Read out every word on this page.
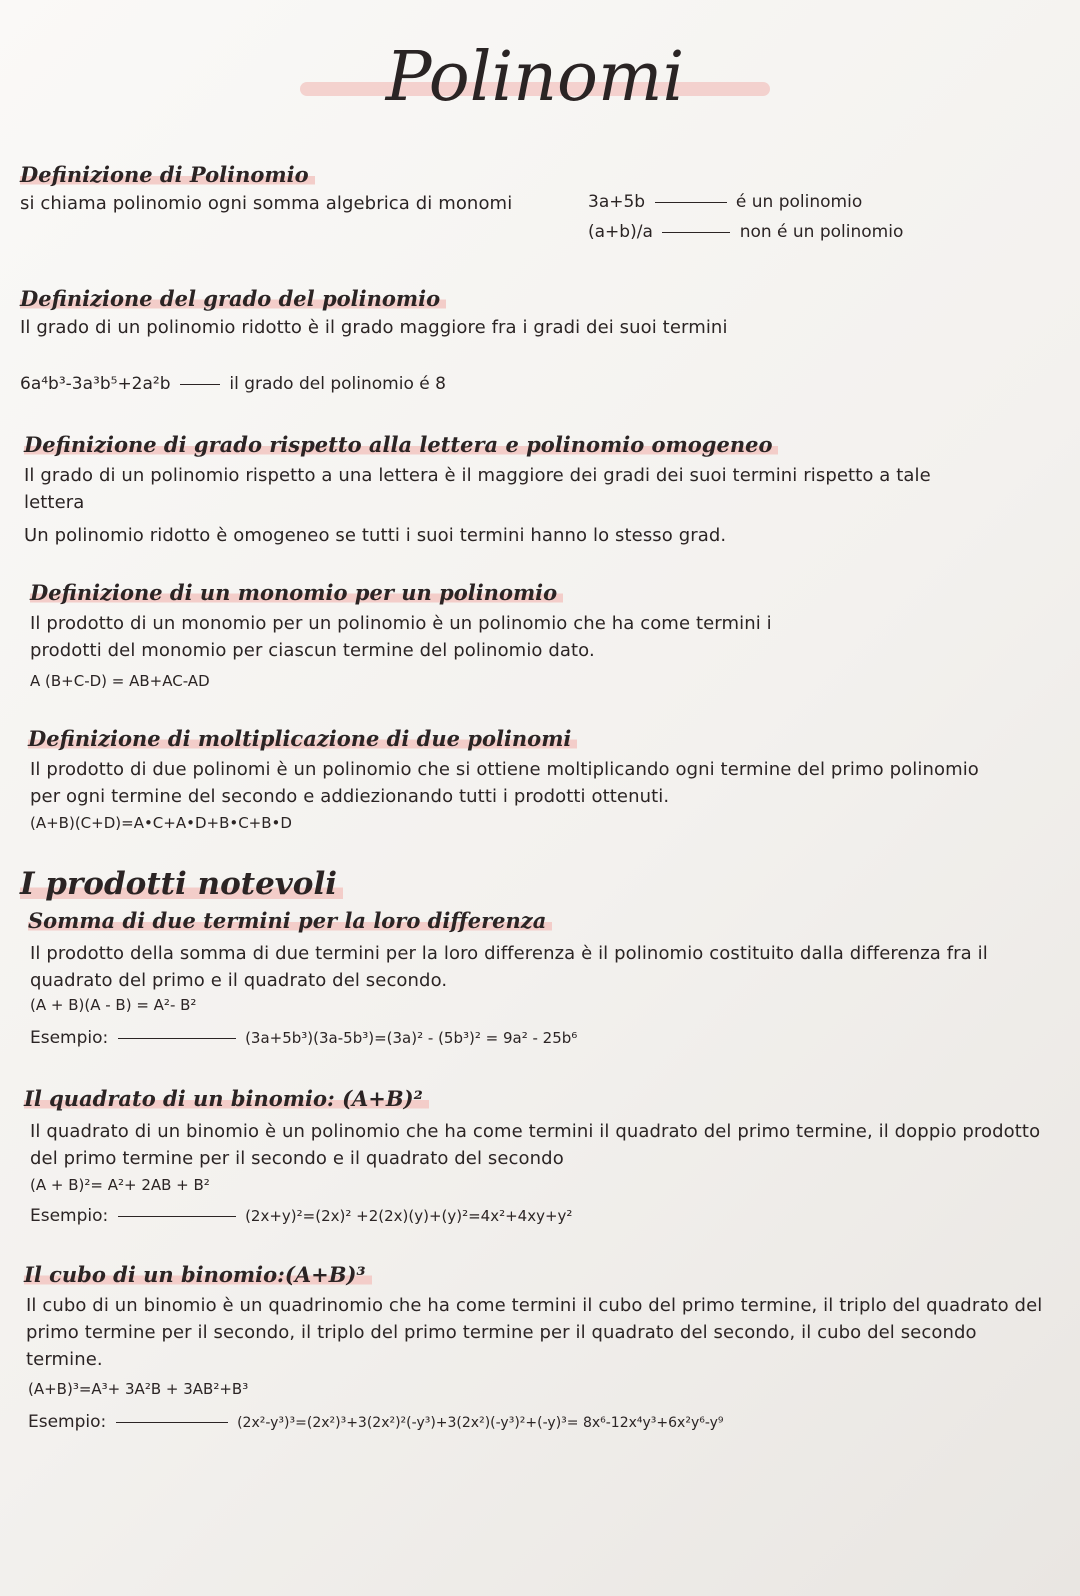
Polinomi
Definizione di Polinomio
si chiama polinomio ogni somma algebrica di monomi	3a+5b	é un polinomio
(a+b)/a	non é un polinomio
Definizione del grado del polinomio
Il grado di un polinomio ridotto è il grado maggiore fra i gradi dei suoi termini
6a⁴b³-3a³b⁵+2a²b	il grado del polinomio é 8
Definizione di grado rispetto alla lettera e polinomio omogeneo
Il grado di un polinomio rispetto a una lettera è il maggiore dei gradi dei suoi termini rispetto a tale lettera
Un polinomio ridotto è omogeneo se tutti i suoi termini hanno lo stesso grad.
Definizione di un monomio per un polinomio
Il prodotto di un monomio per un polinomio è un polinomio che ha come termini i prodotti del monomio per ciascun termine del polinomio dato.
A (B+C-D) = AB+AC-AD
Definizione di moltiplicazione di due polinomi
Il prodotto di due polinomi è un polinomio che si ottiene moltiplicando ogni termine del primo polinomio per ogni termine del secondo e addiezionando tutti i prodotti ottenuti.
(A+B)(C+D)=A•C+A•D+B•C+B•D
I prodotti notevoli
Somma di due termini per la loro differenza
Il prodotto della somma di due termini per la loro differenza è il polinomio costituito dalla differenza fra il quadrato del primo e il quadrato del secondo.
(A + B)(A - B) = A²- B²
Esempio:	(3a+5b³)(3a-5b³)=(3a)² - (5b³)² = 9a² - 25b⁶
Il quadrato di un binomio: (A+B)²
Il quadrato di un binomio è un polinomio che ha come termini il quadrato del primo termine, il doppio prodotto del primo termine per il secondo e il quadrato del secondo
(A + B)²= A²+ 2AB + B²
Esempio:	(2x+y)²=(2x)² +2(2x)(y)+(y)²=4x²+4xy+y²
Il cubo di un binomio:(A+B)³
Il cubo di un binomio è un quadrinomio che ha come termini il cubo del primo termine, il triplo del quadrato del primo termine per il secondo, il triplo del primo termine per il quadrato del secondo, il cubo del secondo termine.
(A+B)³=A³+ 3A²B + 3AB²+B³
Esempio:	(2x²-y³)³=(2x²)³+3(2x²)²(-y³)+3(2x²)(-y³)²+(-y)³= 8x⁶-12x⁴y³+6x²y⁶-y⁹
